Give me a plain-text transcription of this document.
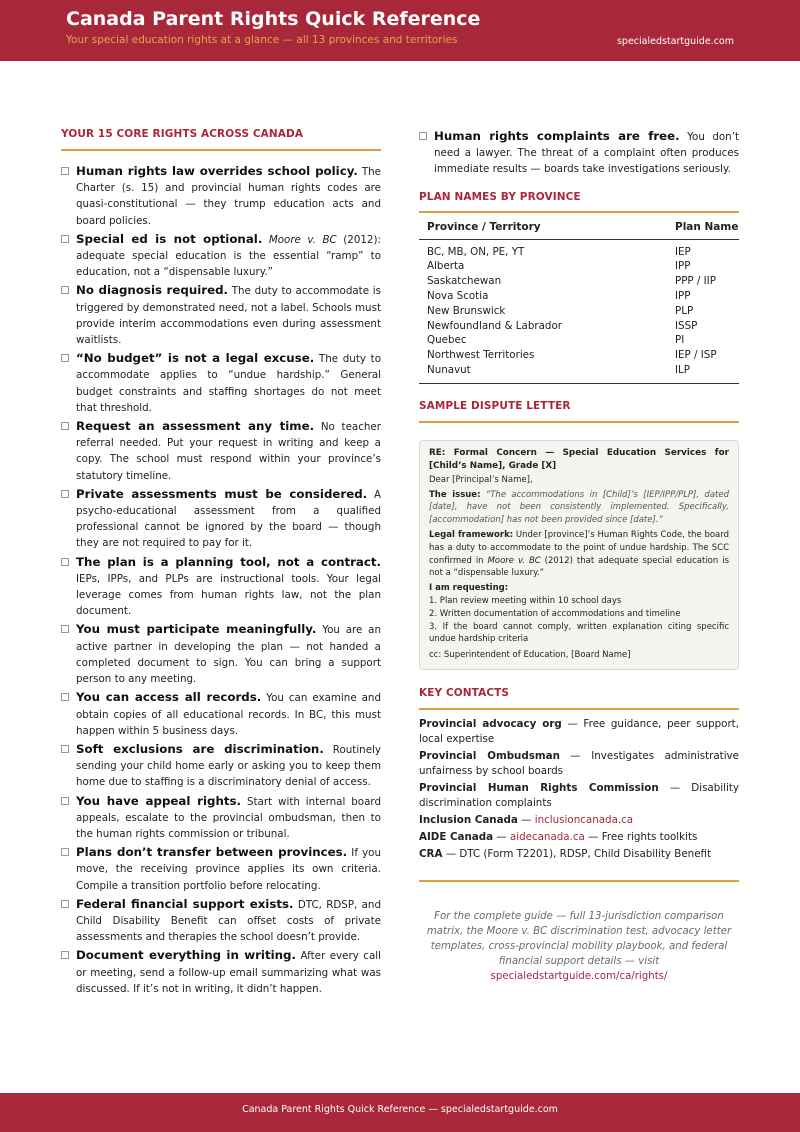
Canada Parent Rights Quick Reference
Your special education rights at a glance — all 13 provinces and territories	specialedstartguide.com
YOUR 15 CORE RIGHTS ACROSS CANADA
Human rights law overrides school policy. The Charter (s. 15) and provincial human rights codes are quasi-constitutional — they trump education acts and board policies.
Special ed is not optional. Moore v. BC (2012): adequate special education is the essential “ramp” to education, not a “dispensable luxury.”
No diagnosis required. The duty to accommodate is triggered by demonstrated need, not a label. Schools must provide interim accommodations even during assessment waitlists.
“No budget” is not a legal excuse. The duty to accommodate applies to “undue hardship.” General budget constraints and staffing shortages do not meet that threshold.
Request an assessment any time. No teacher referral needed. Put your request in writing and keep a copy. The school must respond within your province’s statutory timeline.
Private assessments must be considered. A psycho-educational assessment from a qualified professional cannot be ignored by the board — though they are not required to pay for it.
The plan is a planning tool, not a contract. IEPs, IPPs, and PLPs are instructional tools. Your legal leverage comes from human rights law, not the plan document.
You must participate meaningfully. You are an active partner in developing the plan — not handed a completed document to sign. You can bring a support person to any meeting.
You can access all records. You can examine and obtain copies of all educational records. In BC, this must happen within 5 business days.
Soft exclusions are discrimination. Routinely sending your child home early or asking you to keep them home due to staffing is a discriminatory denial of access.
You have appeal rights. Start with internal board appeals, escalate to the provincial ombudsman, then to the human rights commission or tribunal.
Plans don’t transfer between provinces. If you move, the receiving province applies its own criteria. Compile a transition portfolio before relocating.
Federal financial support exists. DTC, RDSP, and Child Disability Benefit can offset costs of private assessments and therapies the school doesn’t provide.
Document everything in writing. After every call or meeting, send a follow-up email summarizing what was discussed. If it’s not in writing, it didn’t happen.
Human rights complaints are free. You don’t need a lawyer. The threat of a complaint often produces immediate results — boards take investigations seriously.
PLAN NAMES BY PROVINCE
Province / Territory	Plan Name
BC, MB, ON, PE, YT	IEP
Alberta	IPP
Saskatchewan	PPP / IIP
Nova Scotia	IPP
New Brunswick	PLP
Newfoundland & Labrador	ISSP
Quebec	PI
Northwest Territories	IEP / ISP
Nunavut	ILP
SAMPLE DISPUTE LETTER
RE: Formal Concern — Special Education Services for [Child’s Name], Grade [X]

Dear [Principal’s Name],

The issue: “The accommodations in [Child]’s [IEP/IPP/PLP], dated [date], have not been consistently implemented. Specifically, [accommodation] has not been provided since [date].”

Legal framework: Under [province]’s Human Rights Code, the board has a duty to accommodate to the point of undue hardship. The SCC confirmed in Moore v. BC (2012) that adequate special education is not a “dispensable luxury.”

I am requesting:
1. Plan review meeting within 10 school days
2. Written documentation of accommodations and timeline
3. If the board cannot comply, written explanation citing specific undue hardship criteria
cc: Superintendent of Education, [Board Name]
KEY CONTACTS
Provincial advocacy org — Free guidance, peer support, local expertise
Provincial Ombudsman — Investigates administrative unfairness by school boards
Provincial Human Rights Commission — Disability discrimination complaints
Inclusion Canada — inclusioncanada.ca
AIDE Canada — aidecanada.ca — Free rights toolkits
CRA — DTC (Form T2201), RDSP, Child Disability Benefit
For the complete guide — full 13-jurisdiction comparison matrix, the Moore v. BC discrimination test, advocacy letter templates, cross-provincial mobility playbook, and federal financial support details — visit specialedstartguide.com/ca/rights/
Canada Parent Rights Quick Reference — specialedstartguide.com
